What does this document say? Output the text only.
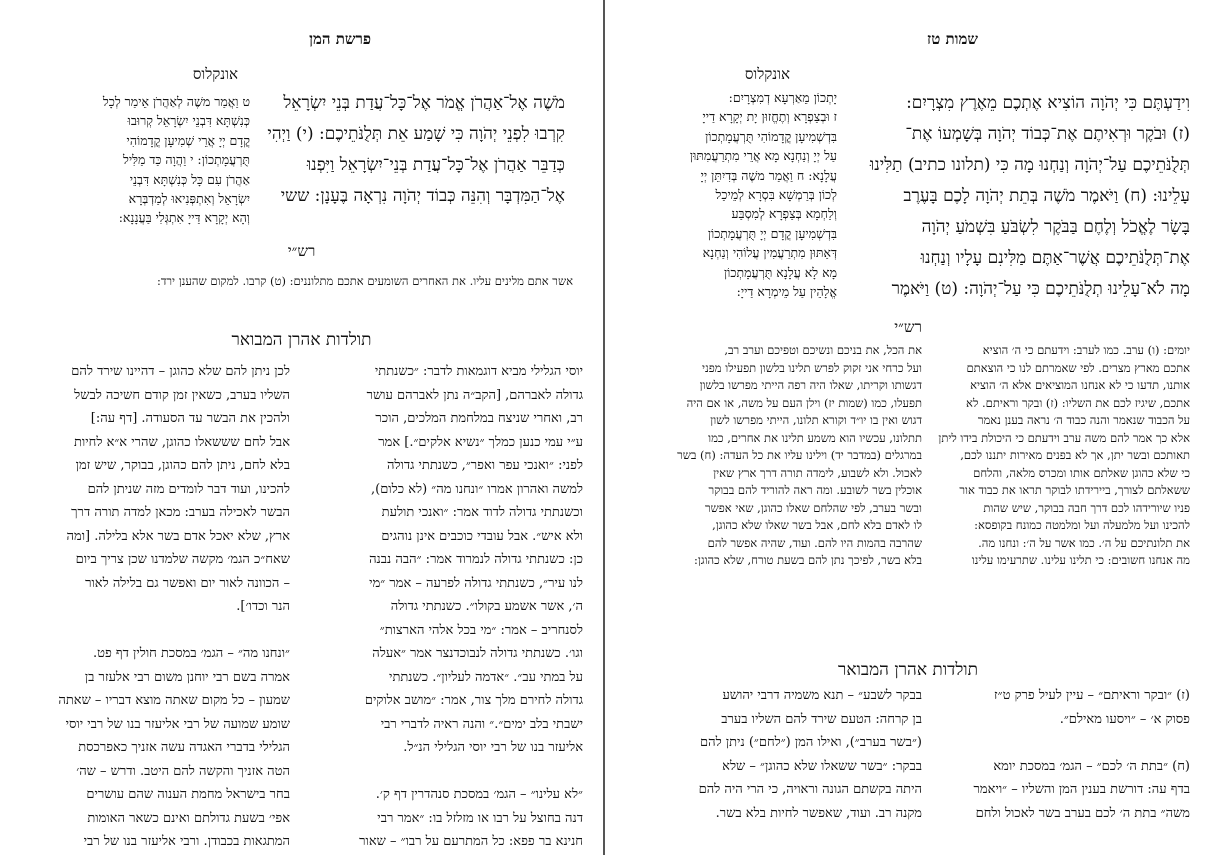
פרשת המן
אונקלוס
מֹשֶׁה אֶל־אַהֲרֹן אֱמֹר אֶל־כָּל־עֲדַת בְּנֵי יִשְׂרָאֵל
קִרְבוּ לִפְנֵי יְהֹוָה כִּי שָׁמַע אֵת תְּלֻנֹּתֵיכֶם: (י) וַיְהִי
כְּדַבֵּר אַהֲרֹן אֶל־כָּל־עֲדַת בְּנֵי־יִשְׂרָאֵל וַיִּפְנוּ
אֶל־הַמִּדְבָּר וְהִנֵּה כְּבוֹד יְהֹוָה נִרְאָה בֶּעָנָן: ששי
ט וַאֲמַר משֶׁה לְאַהֲרֹן אֵימַר לְכָל
כְּנִשְׁתָּא דִּבְנֵי יִשְׂרָאֵל קְרוּבוּ
קֳדָם יְיָ אֲרֵי שְׁמִיעָן קֳדָמוֹהִי
תֻּרְעֲמָתְכוֹן: י וַהֲוָה כַּד מַלִּיל
אַהֲרֹן עִם כָּל כְּנִשְׁתָּא דִּבְנֵי
יִשְׂרָאֵל וְאִתְפְּנִיאוּ לְמַדְבְּרָא
וְהָא יְקָרָא דַּייָ אִתְגְּלִי בַּעֲנָנָא:
רש״י
אשר אתם מלינים עליו. את האחרים השומעים אתכם מתלוננים: (ט) קרבו. למקום שהענן ירד:
תולדות אהרן המבואר
יוסי הגלילי מביא דוגמאות לדבר: ״כשנתתי
גדולה לאברהם, [הקב״ה נתן לאברהם עושר
רב, ואחרי שניצח במלחמת המלכים, הוכר
ע״י עמי כנען כמלך ״נשיא אלקים״.] אמר
לפני: ״ואנכי עפר ואפר״, כשנתתי גדולה
למשה ואהרון אמרו ״ונחנו מה״ (לא כלום),
וכשנתתי גדולה לדוד אמר: ״ואנכי תולעת
ולא איש״. אבל עובדי כוכבים אינן נוהגים
כן: כשנתתי גדולה לנמרוד אמר: ״הבה נבנה
לנו עיר״, כשנתתי גדולה לפרעה – אמר ״מי
ה׳, אשר אשמע בקולו״. כשנתתי גדולה
לסנחריב – אמר: ״מי בכל אלהי הארצות״
וגו׳. כשנתתי גדולה לנבוכדנצר אמר ״אעלה
על במתי עב״. ״אדמה לעליון״. כשנתתי
גדולה לחירם מלך צור, אמר: ״מושב אלוקים
ישבתי בלב ימים״.״ והנה ראיה לדברי רבי
אליעזר בנו של רבי יוסי הגלילי הנ״ל.

״לא עלינו״ – הגמ׳ במסכת סנהדרין דף ק׳.
דנה בחוצל על רבו או מזלזל בו: ״אמר רבי
חנינא בר פפא: כל המתרעם על רבו״ – שאור
לכן ניתן להם שלא כהוגן – דהיינו שירד להם
השליו בערב, כשאין זמן קודם חשיכה לבשל
ולהכין את הבשר עד הסעודה. [דף עה:]
אבל לחם שששאלו כהוגן, שהרי א״א לחיות
בלא לחם, ניתן להם כהוגן, בבוקר, שיש זמן
להכינו, ועוד דבר לומדים מזה שניתן להם
הבשר לאכילה בערב: מכאן למדה תורה דרך
ארץ, שלא יאכל אדם בשר אלא בלילה. [ומה
שאח״כ הגמ׳ מקשה שלמדנו שכן צריך ביום
– הכוונה לאור יום ואפשר גם בלילה לאור
הנר וכדו׳].

״ונחנו מה״ – הגמ׳ במסכת חולין דף פט.
אמרה בשם רבי יוחנן משום רבי אלעזר בן
שמעון – כל מקום שאתה מוצא דבריו – שאתה
שומע שמועה של רבי אליעזר בנו של רבי יוסי
הגלילי בדברי האגדה עשה אזניך כאפרכסת
הטה אזניך והקשה להם היטב. ודרש – שה׳
בחר בישראל מחמת הענוה שהם עושרים
אפי׳ בשעת גדולתם ואינם כשאר האומות
המתגאות בכבודן. ורבי אליעזר בנו של רבי
שמות טז
אונקלוס
וִידַעְתֶּם כִּי יְהֹוָה הוֹצִיא אֶתְכֶם מֵאֶרֶץ מִצְרָיִם:
(ז) וּבֹקֶר וּרְאִיתֶם אֶת־כְּבוֹד יְהֹוָה בְּשָׁמְעוֹ אֶת־
תְּלֻנֹּתֵיכֶם עַל־יְהֹוָה וְנַחְנוּ מָה כִּי (תלונו כתיב) תַלִּינוּ
עָלֵינוּ: (ח) וַיֹּאמֶר מֹשֶׁה בְּתֵת יְהֹוָה לָכֶם בָּעֶרֶב
בָּשָׂר לֶאֱכֹל וְלֶחֶם בַּבֹּקֶר לִשְׂבֹּעַ בִּשְׁמֹעַ יְהֹוָה
אֶת־תְּלֻנֹּתֵיכֶם אֲשֶׁר־אַתֶּם מַלִּינִם עָלָיו וְנַחְנוּ
מָה לֹא־עָלֵינוּ תְלֻנֹּתֵיכֶם כִּי עַל־יְהֹוָה: (ט) וַיֹּאמֶר
יָתְכוֹן מֵאַרְעָא דְמִצְרָיִם:
ז וּבְצַפְרָא וְתֶחֱזוּן יָת יְקָרָא דַייָ
בִּדְשְׁמִיעָן קֳדָמוֹהִי תֻּרְעֲמָתְכוֹן
עַל יְיָ וְנַחְנָא מָא אֲרֵי מִתְרַעֲמִתּוּן
עֲלָנָא: ח וַאֲמַר משֶׁה בְּדִיִתֵּן יְיָ
לְכוֹן בְּרַמְשָׁא בִּסְרָא לְמֵיכַל
וְלַחְמָא בְּצַפְרָא לְמִסְבַּע
בִּדְשְׁמִיעָן קֳדָם יְיָ תֻּרְעֲמָתְכוֹן
דְּאַתּוּן מִתְרַעֲמִין עֲלוֹהִי וְנַחְנָא
מָא לָא עֲלָנָא תֻּרְעֲמָתְכוֹן
אֱלָהֵין עַל מֵימְרָא דַייָ:
רש״י
יומים: (ו) ערב. כמו לערב: וידעתם כי ה׳ הוציא
אתכם מארץ מצרים. לפי שאמרתם לנו כי הוצאתם
אותנו, תדעו כי לא אנחנו המוציאים אלא ה׳ הוציא
אתכם, שיגיז לכם את השליו: (ז) ובקר וראיתם. לא
על הכבוד שנאמר והנה כבוד ה׳ נראה בענן נאמר
אלא כך אמר להם משה ערב וידעתם כי היכולת בידו ליתן
תאותכם ובשר יתן, אך לא בפנים מאירות יתננו לכם,
כי שלא כהוגן שאלתם אותו ומכרס מלאה, והלחם
ששאלתם לצורך, ביירידתו לבוקר תראו את כבוד אור
פניו שיורידהו לכם דרך חבה בבוקר, שיש שהות
להכינו ועל מלמעלה ועל ומלמטה כמונח בקופסא:
את תלונתיכם על ה׳. כמו אשר על ה׳: ונחנו מה.
מה אנחנו חשובים: כי תלינו עלינו. שתרעימו עלינו
את הכל, את בניכם ונשיכם וטפיכם וערב רב,
ועל כרחי אני זקוק לפרש תלינו בלשון תפעילו מפני
דגשותו וקריתו, שאלו היה רפה הייתי מפרשו בלשון
תפעלו, כמו (שמות יז) וילן העם על משה, או אם היה
דגוש ואין בו יו״ד וקורא תלונו, הייתי מפרשו לשון
תתלונו, עכשיו הוא משמע תלינו את אחרים, כמו
במרגלים (במדבר יד) וילינו עליו את כל העדה: (ח) בשר
לאכול. ולא לשבוע, לימדה תורה דרך ארץ שאין
אוכלין בשר לשובע. ומה ראה להוריד להם בבוקר
ובשר בערב, לפי שהלחם שאלו כהוגן, שאי אפשר
לו לאדם בלא לחם, אבל בשר שאלו שלא כהוגן,
שהרבה בהמות היו להם. ועוד, שהיה אפשר להם
בלא בשר, לפיכך נתן להם בשעת טורח, שלא כהוגן:
תולדות אהרן המבואר
(ז) ״ובקר וראיתם״ – עיין לעיל פרק ט״ז
פסוק א׳ – ״ויסעו מאילם״.

(ח) ״בתת ה׳ לכם״ – הגמ׳ במסכת יומא
בדף עה: דורשת בענין המן והשליו – ״ויאמר
משה״ בתת ה׳ לכם בערב בשר לאכול ולחם
בבקר לשבע״ – תנא משמיה דרבי יהושע
בן קרחה: הטעם שירד להם השליו בערב
(״בשר בערב״), ואילו המן (״לחם״) ניתן להם
בבקר: ״בשר ששאלו שלא כהוגן״ – שלא
היתה בקשתם הגונה וראויה, כי הרי היה להם
מקנה רב. ועוד, שאפשר לחיות בלא בשר.
